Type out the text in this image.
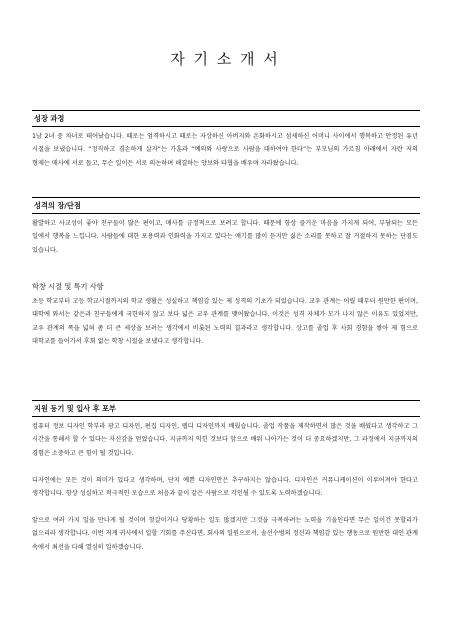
자 기 소 개 서
성장 과정
1남 2녀 중 차녀로 태어났습니다. 때로는 엄격하시고 때로는 자상하신 아버지와 온화하시고 섬세하신 어머니 사이에서 행복하고 안정된 유년 시절을 보냈습니다. “정직하고 겸손하게 살자”는 가훈과 “예의와 사랑으로 사람을 대하여야 한다”는 부모님의 가르침 아래에서 자란 저의 형제는 매사에 서로 돕고, 무슨 일이든 서로 의논하며 해결하는 양보와 타협을 배우며 자라왔습니다.
성격의 장/단점
활발하고 사교성이 좋아 친구들이 많은 편이고, 매사를 긍정적으로 보려고 합니다. 때문에 항상 즐거운 마음을 가지게 되어, 부담되는 모든 일에서 행복을 느낍니다. 사람들에 대한 포용력과 인화력을 가지고 있다는 얘기를 많이 듣지만 싫은 소리를 못하고 잘 거절하지 못하는 단점도 있습니다.
학창 시절 및 특기 사항
초등 학교부터 고등 학교시절까지의 학교 생활은 성실하고 책임감 있는 제 성격의 기초가 되었습니다. 교우 관계는 어릴 때부터 원만한 편이며, 대학에 와서는 같은과 친구들에게 국한하지 않고 보다 넓은 교우 관계를 맺어왔습니다. 이것은 성격 자체가 모가 나지 않은 이유도 있었지만, 교우 관계의 폭을 넓혀 좀 더 큰 세상을 보려는 생각에서 비롯된 노력의 결과라고 생각합니다. 상고를 졸업 후 사회 경험을 쌓아 제 힘으로 대학교를 들어가서 후회 없는 학창 시절을 보냈다고 생각합니다.
지원 동기 및 입사 후 포부
컴퓨터 정보 디자인 학부라 광고 디자인, 편집 디자인, 웹디 디자인까지 배웠습니다. 졸업 작품을 제작하면서 많은 것을 배웠다고 생각하고 그 시간을 통해서 할 수 있다는 자신감을 얻었습니다. 지금까지 익힌 것보다 앞으로 배워 나아가는 것이 더 중요하겠지만, 그 과정에서 지금까지의 경험은 소중하고 큰 힘이 될 것입니다.
디자인에는 모든 것이 의미가 있다고 생각하며, 단지 예쁜 디자인만은 추구하지는 않습니다. 디자인은 커뮤니케이션이 이루어져야 한다고 생각합니다. 항상 성실하고 적극적인 모습으로 처음과 끝이 같은 사람으로 각인될 수 있도록 노력하겠습니다.
앞으로 여러 가지 일을 만나게 될 것이며 헛갈이거나 당황하는 일도 많겠지만 그것을 극복하려는 노력을 기울인다면 무슨 일이건 못할리가 없으리라 생각합니다. 이번 저게 귀사에서 일할 기회를 주신다면, 회사의 일원으로서, 솔선수범의 정신과 책임감 있는 행동으로 원만한 대인 관계 속에서 최선을 다해 열심히 일하겠습니다.
